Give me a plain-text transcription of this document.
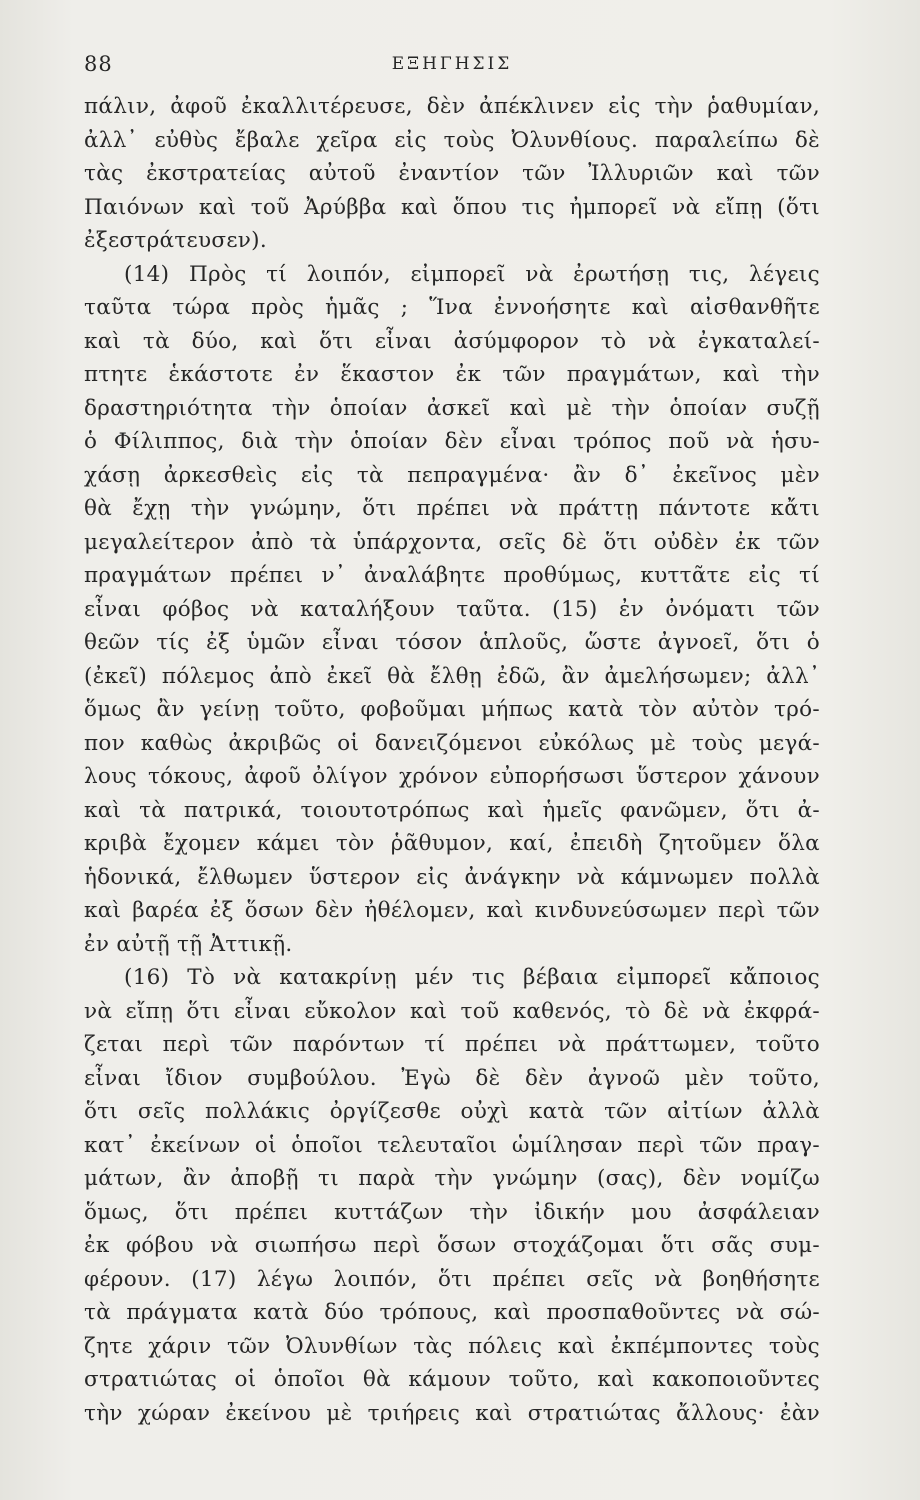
88	ΕΞΗΓΗΣΙΣ
πάλιν, ἀφοῦ ἐκαλλιτέρευσε, δὲν ἀπέκλινεν εἰς τὴν ῥαθυμίαν,
ἀλλ᾽ εὐθὺς ἔβαλε χεῖρα εἰς τοὺς Ὀλυνθίους. παραλείπω δὲ
τὰς ἐκστρατείας αὐτοῦ ἐναντίον τῶν Ἰλλυριῶν καὶ τῶν
Παιόνων καὶ τοῦ Ἀρύββα καὶ ὅπου τις ἠμπορεῖ νὰ εἴπῃ (ὅτι
ἐξεστράτευσεν).
(14) Πρὸς τί λοιπόν, εἰμπορεῖ νὰ ἐρωτήσῃ τις, λέγεις
ταῦτα τώρα πρὸς ἡμᾶς ; Ἵνα ἐννοήσητε καὶ αἰσθανθῆτε
καὶ τὰ δύο, καὶ ὅτι εἶναι ἀσύμφορον τὸ νὰ ἐγκαταλεί-
πτητε ἑκάστοτε ἐν ἕκαστον ἐκ τῶν πραγμάτων, καὶ τὴν
δραστηριότητα τὴν ὁποίαν ἀσκεῖ καὶ μὲ τὴν ὁποίαν συζῇ
ὁ Φίλιππος, διὰ τὴν ὁποίαν δὲν εἶναι τρόπος ποῦ νὰ ἡσυ-
χάσῃ ἀρκεσθεὶς εἰς τὰ πεπραγμένα· ἂν δ᾽ ἐκεῖνος μὲν
θὰ ἔχῃ τὴν γνώμην, ὅτι πρέπει νὰ πράττῃ πάντοτε κἄτι
μεγαλείτερον ἀπὸ τὰ ὑπάρχοντα, σεῖς δὲ ὅτι οὐδὲν ἐκ τῶν
πραγμάτων πρέπει ν᾽ ἀναλάβητε προθύμως, κυττᾶτε εἰς τί
εἶναι φόβος νὰ καταλήξουν ταῦτα. (15) ἐν ὀνόματι τῶν
θεῶν τίς ἐξ ὑμῶν εἶναι τόσον ἁπλοῦς, ὥστε ἀγνοεῖ, ὅτι ὁ
(ἐκεῖ) πόλεμος ἀπὸ ἐκεῖ θὰ ἔλθῃ ἐδῶ, ἂν ἀμελήσωμεν; ἀλλ᾽
ὅμως ἂν γείνῃ τοῦτο, φοβοῦμαι μήπως κατὰ τὸν αὐτὸν τρό-
πον καθὼς ἀκριβῶς οἱ δανειζόμενοι εὐκόλως μὲ τοὺς μεγά-
λους τόκους, ἀφοῦ ὀλίγον χρόνον εὐπορήσωσι ὕστερον χάνουν
καὶ τὰ πατρικά, τοιουτοτρόπως καὶ ἡμεῖς φανῶμεν, ὅτι ἀ-
κριβὰ ἔχομεν κάμει τὸν ῥᾶθυμον, καί, ἐπειδὴ ζητοῦμεν ὅλα
ἡδονικά, ἔλθωμεν ὕστερον εἰς ἀνάγκην νὰ κάμνωμεν πολλὰ
καὶ βαρέα ἐξ ὅσων δὲν ἠθέλομεν, καὶ κινδυνεύσωμεν περὶ τῶν
ἐν αὐτῇ τῇ Ἀττικῇ.
(16) Τὸ νὰ κατακρίνῃ μέν τις βέβαια εἰμπορεῖ κἄποιος
νὰ εἴπῃ ὅτι εἶναι εὔκολον καὶ τοῦ καθενός, τὸ δὲ νὰ ἐκφρά-
ζεται περὶ τῶν παρόντων τί πρέπει νὰ πράττωμεν, τοῦτο
εἶναι ἴδιον συμβούλου. Ἐγὼ δὲ δὲν ἀγνοῶ μὲν τοῦτο,
ὅτι σεῖς πολλάκις ὀργίζεσθε οὐχὶ κατὰ τῶν αἰτίων ἀλλὰ
κατ᾽ ἐκείνων οἱ ὁποῖοι τελευταῖοι ὡμίλησαν περὶ τῶν πραγ-
μάτων, ἂν ἀποβῇ τι παρὰ τὴν γνώμην (σας), δὲν νομίζω
ὅμως, ὅτι πρέπει κυττάζων τὴν ἰδικήν μου ἀσφάλειαν
ἐκ φόβου νὰ σιωπήσω περὶ ὅσων στοχάζομαι ὅτι σᾶς συμ-
φέρουν. (17) λέγω λοιπόν, ὅτι πρέπει σεῖς νὰ βοηθήσητε
τὰ πράγματα κατὰ δύο τρόπους, καὶ προσπαθοῦντες νὰ σώ-
ζητε χάριν τῶν Ὀλυνθίων τὰς πόλεις καὶ ἐκπέμποντες τοὺς
στρατιώτας οἱ ὁποῖοι θὰ κάμουν τοῦτο, καὶ κακοποιοῦντες
τὴν χώραν ἐκείνου μὲ τριήρεις καὶ στρατιώτας ἄλλους· ἐὰν
